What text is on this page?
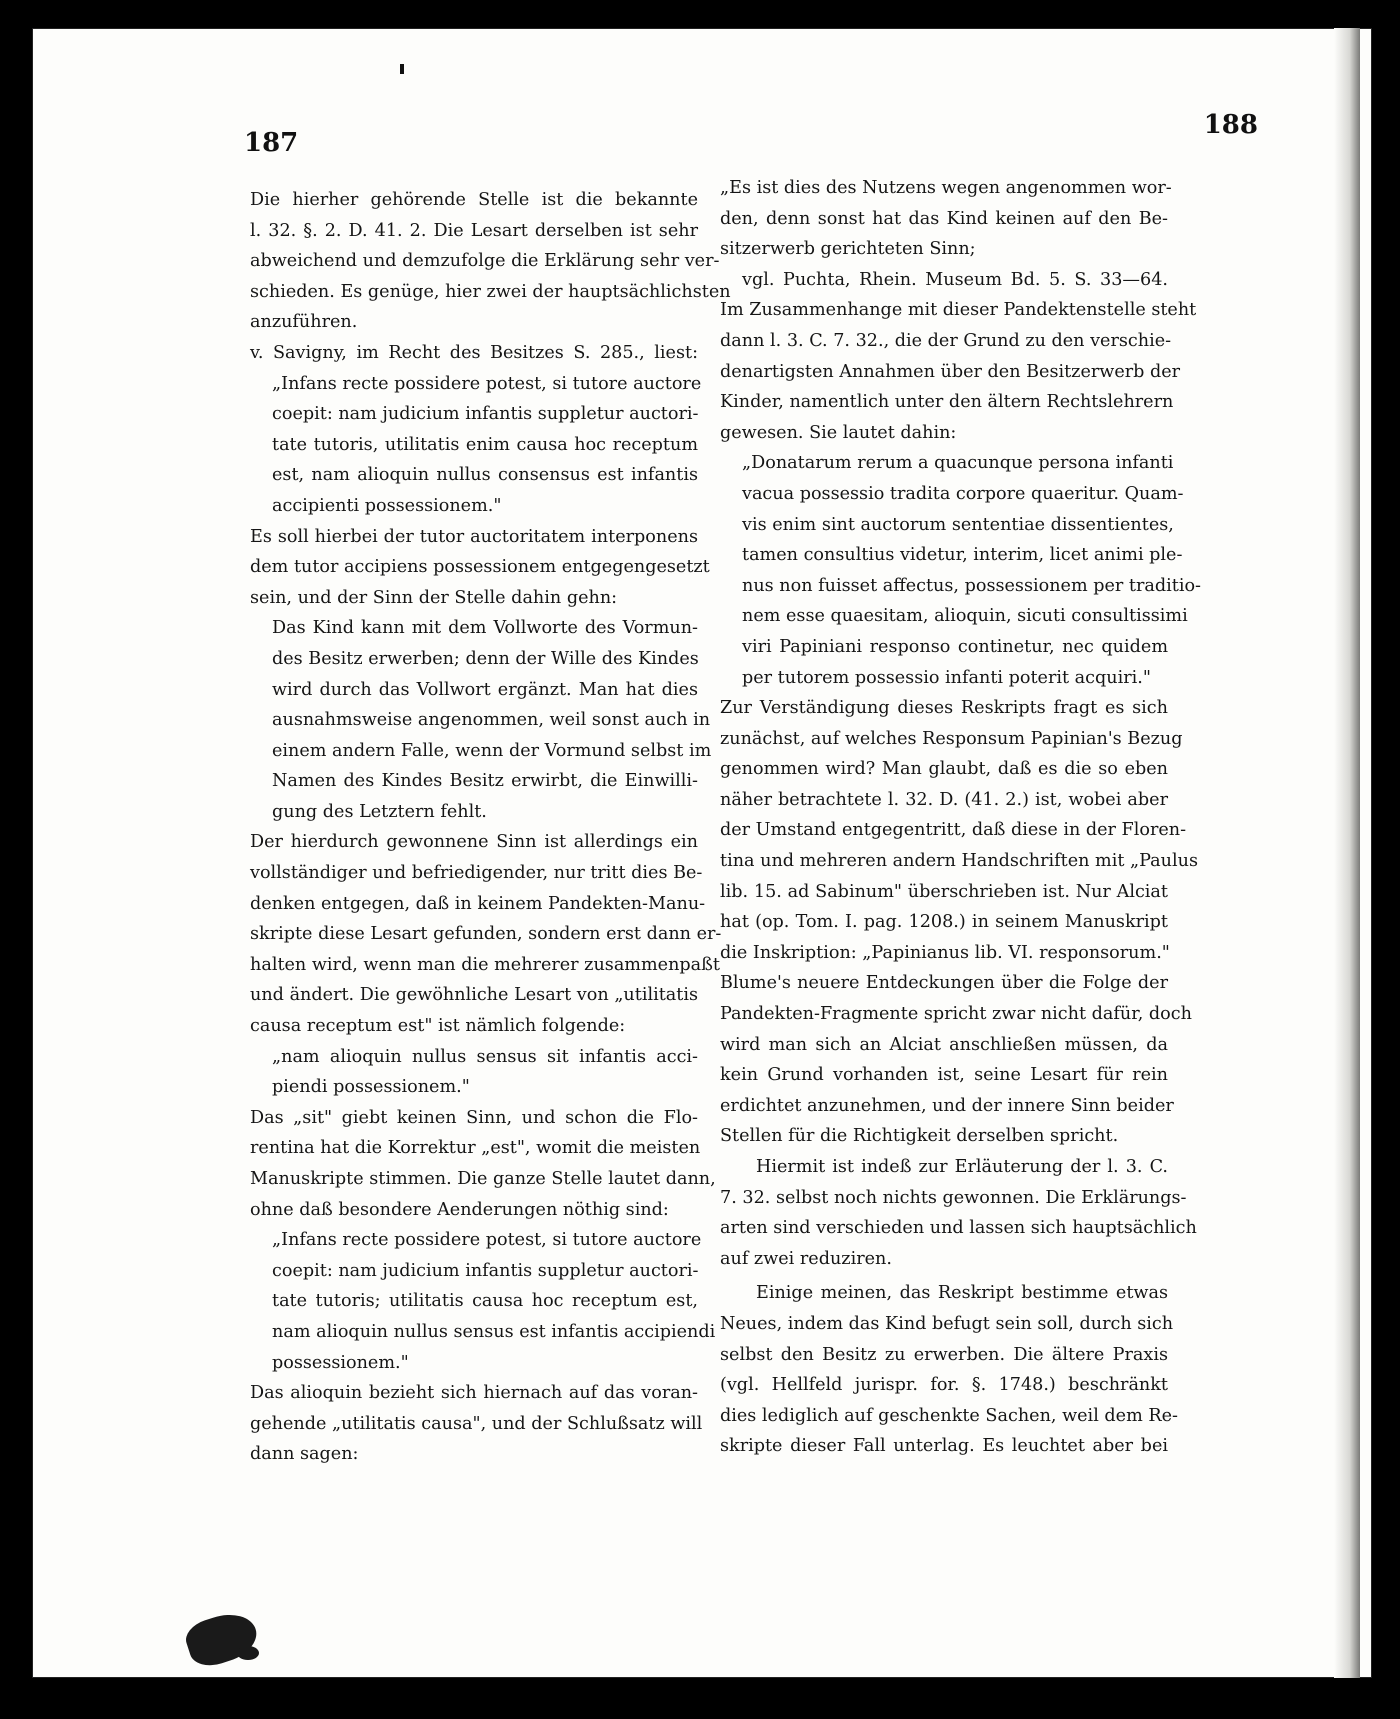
187
188
Die hierher gehörende Stelle ist die bekannte
l. 32. §. 2. D. 41. 2. Die Lesart derselben ist sehr
abweichend und demzufolge die Erklärung sehr ver-
schieden. Es genüge, hier zwei der hauptsächlichsten
anzuführen.
v. Savigny, im Recht des Besitzes S. 285., liest:
„Infans recte possidere potest, si tutore auctore
coepit: nam judicium infantis suppletur auctori-
tate tutoris, utilitatis enim causa hoc receptum
est, nam alioquin nullus consensus est infantis
accipienti possessionem."
Es soll hierbei der tutor auctoritatem interponens
dem tutor accipiens possessionem entgegengesetzt
sein, und der Sinn der Stelle dahin gehn:
Das Kind kann mit dem Vollworte des Vormun-
des Besitz erwerben; denn der Wille des Kindes
wird durch das Vollwort ergänzt. Man hat dies
ausnahmsweise angenommen, weil sonst auch in
einem andern Falle, wenn der Vormund selbst im
Namen des Kindes Besitz erwirbt, die Einwilli-
gung des Letztern fehlt.
Der hierdurch gewonnene Sinn ist allerdings ein
vollständiger und befriedigender, nur tritt dies Be-
denken entgegen, daß in keinem Pandekten-Manu-
skripte diese Lesart gefunden, sondern erst dann er-
halten wird, wenn man die mehrerer zusammenpaßt
und ändert. Die gewöhnliche Lesart von „utilitatis
causa receptum est" ist nämlich folgende:
„nam alioquin nullus sensus sit infantis acci-
piendi possessionem."
Das „sit" giebt keinen Sinn, und schon die Flo-
rentina hat die Korrektur „est", womit die meisten
Manuskripte stimmen. Die ganze Stelle lautet dann,
ohne daß besondere Aenderungen nöthig sind:
„Infans recte possidere potest, si tutore auctore
coepit: nam judicium infantis suppletur auctori-
tate tutoris; utilitatis causa hoc receptum est,
nam alioquin nullus sensus est infantis accipiendi
possessionem."
Das alioquin bezieht sich hiernach auf das voran-
gehende „utilitatis causa", und der Schlußsatz will
dann sagen:
„Es ist dies des Nutzens wegen angenommen wor-
den, denn sonst hat das Kind keinen auf den Be-
sitzerwerb gerichteten Sinn;
vgl. Puchta, Rhein. Museum Bd. 5. S. 33—64.
Im Zusammenhange mit dieser Pandektenstelle steht
dann l. 3. C. 7. 32., die der Grund zu den verschie-
denartigsten Annahmen über den Besitzerwerb der
Kinder, namentlich unter den ältern Rechtslehrern
gewesen. Sie lautet dahin:
„Donatarum rerum a quacunque persona infanti
vacua possessio tradita corpore quaeritur. Quam-
vis enim sint auctorum sententiae dissentientes,
tamen consultius videtur, interim, licet animi ple-
nus non fuisset affectus, possessionem per traditio-
nem esse quaesitam, alioquin, sicuti consultissimi
viri Papiniani responso continetur, nec quidem
per tutorem possessio infanti poterit acquiri."
Zur Verständigung dieses Reskripts fragt es sich
zunächst, auf welches Responsum Papinian's Bezug
genommen wird? Man glaubt, daß es die so eben
näher betrachtete l. 32. D. (41. 2.) ist, wobei aber
der Umstand entgegentritt, daß diese in der Floren-
tina und mehreren andern Handschriften mit „Paulus
lib. 15. ad Sabinum" überschrieben ist. Nur Alciat
hat (op. Tom. I. pag. 1208.) in seinem Manuskript
die Inskription: „Papinianus lib. VI. responsorum."
Blume's neuere Entdeckungen über die Folge der
Pandekten-Fragmente spricht zwar nicht dafür, doch
wird man sich an Alciat anschließen müssen, da
kein Grund vorhanden ist, seine Lesart für rein
erdichtet anzunehmen, und der innere Sinn beider
Stellen für die Richtigkeit derselben spricht.
Hiermit ist indeß zur Erläuterung der l. 3. C.
7. 32. selbst noch nichts gewonnen. Die Erklärungs-
arten sind verschieden und lassen sich hauptsächlich
auf zwei reduziren.
Einige meinen, das Reskript bestimme etwas
Neues, indem das Kind befugt sein soll, durch sich
selbst den Besitz zu erwerben. Die ältere Praxis
(vgl. Hellfeld jurispr. for. §. 1748.) beschränkt
dies lediglich auf geschenkte Sachen, weil dem Re-
skripte dieser Fall unterlag. Es leuchtet aber bei
